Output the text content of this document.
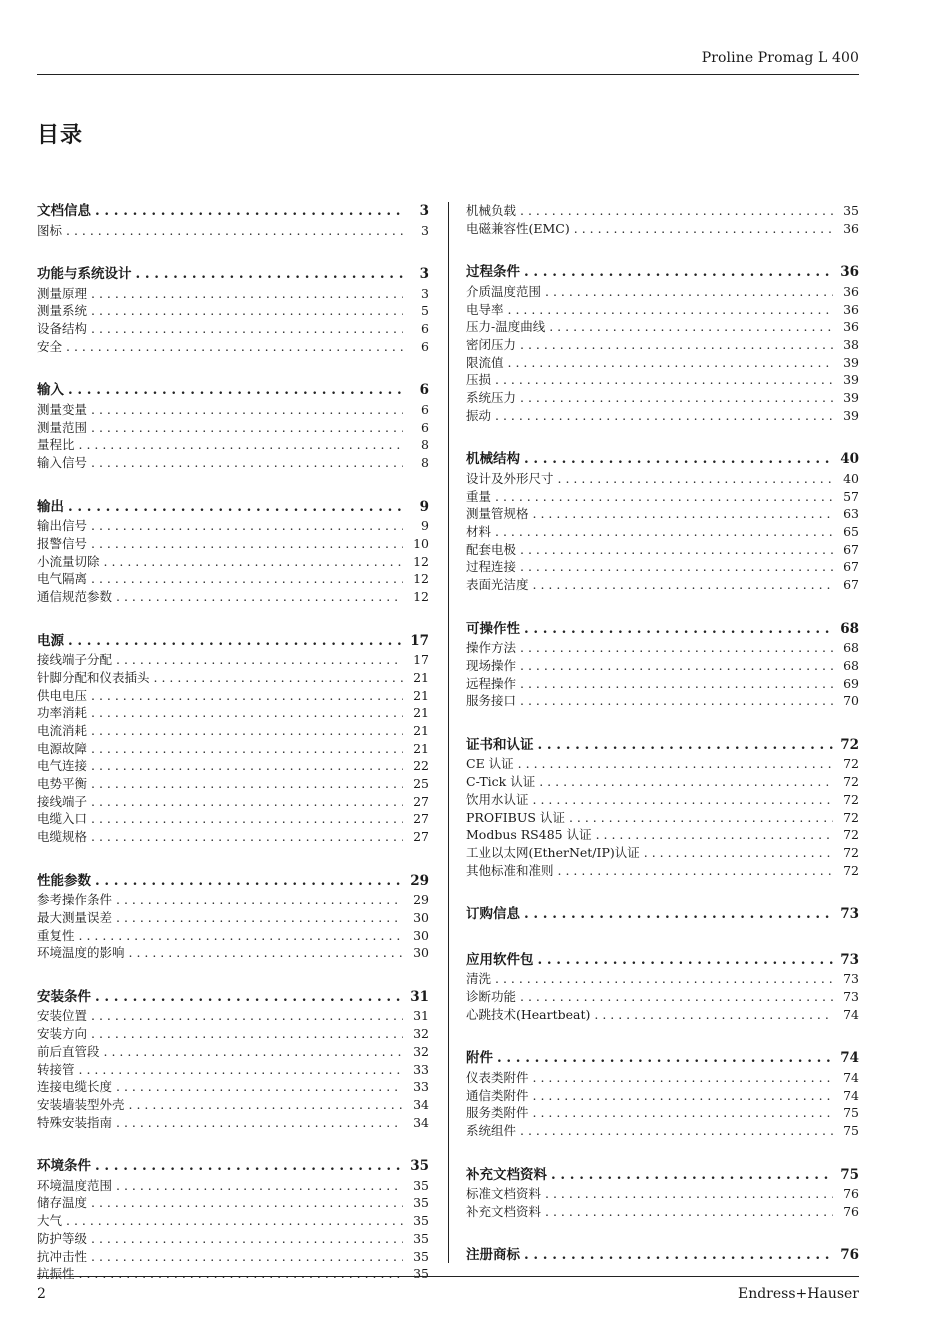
Proline Promag L 400
目录
文档信息 . . .	3
图标 . . .	3
功能与系统设计 . . .	3
测量原理 . . .	3
测量系统 . . .	5
设备结构 . . .	6
安全 . . .	6
输入 . . .	6
测量变量 . . .	6
测量范围 . . .	6
量程比 . . .	8
输入信号 . . .	8
输出 . . .	9
输出信号 . . .	9
报警信号 . . .	10
小流量切除 . . .	12
电气隔离 . . .	12
通信规范参数 . . .	12
电源 . . .	17
接线端子分配 . . .	17
针脚分配和仪表插头 . . .	21
供电电压 . . .	21
功率消耗 . . .	21
电流消耗 . . .	21
电源故障 . . .	21
电气连接 . . .	22
电势平衡 . . .	25
接线端子 . . .	27
电缆入口 . . .	27
电缆规格 . . .	27
性能参数 . . .	29
参考操作条件 . . .	29
最大测量误差 . . .	30
重复性 . . .	30
环境温度的影响 . . .	30
安装条件 . . .	31
安装位置 . . .	31
安装方向 . . .	32
前后直管段 . . .	32
转接管 . . .	33
连接电缆长度 . . .	33
安装墙装型外壳 . . .	34
特殊安装指南 . . .	34
环境条件 . . .	35
环境温度范围 . . .	35
储存温度 . . .	35
大气 . . .	35
防护等级 . . .	35
抗冲击性 . . .	35
抗振性 . . .	35
机械负载 . . .	35
电磁兼容性(EMC) . . .	36
过程条件 . . .	36
介质温度范围 . . .	36
电导率 . . .	36
压力-温度曲线 . . .	36
密闭压力 . . .	38
限流值 . . .	39
压损 . . .	39
系统压力 . . .	39
振动 . . .	39
机械结构 . . .	40
设计及外形尺寸 . . .	40
重量 . . .	57
测量管规格 . . .	63
材料 . . .	65
配套电极 . . .	67
过程连接 . . .	67
表面光洁度 . . .	67
可操作性 . . .	68
操作方法 . . .	68
现场操作 . . .	68
远程操作 . . .	69
服务接口 . . .	70
证书和认证 . . .	72
CE 认证 . . .	72
C-Tick 认证 . . .	72
饮用水认证 . . .	72
PROFIBUS 认证 . . .	72
Modbus RS485 认证 . . .	72
工业以太网(EtherNet/IP)认证 . . .	72
其他标准和准则 . . .	72
订购信息 . . .	73
应用软件包 . . .	73
清洗 . . .	73
诊断功能 . . .	73
心跳技术(Heartbeat) . . .	74
附件 . . .	74
仪表类附件 . . .	74
通信类附件 . . .	74
服务类附件 . . .	75
系统组件 . . .	75
补充文档资料 . . .	75
标准文档资料 . . .	76
补充文档资料 . . .	76
注册商标 . . .	76
2	Endress+Hauser
